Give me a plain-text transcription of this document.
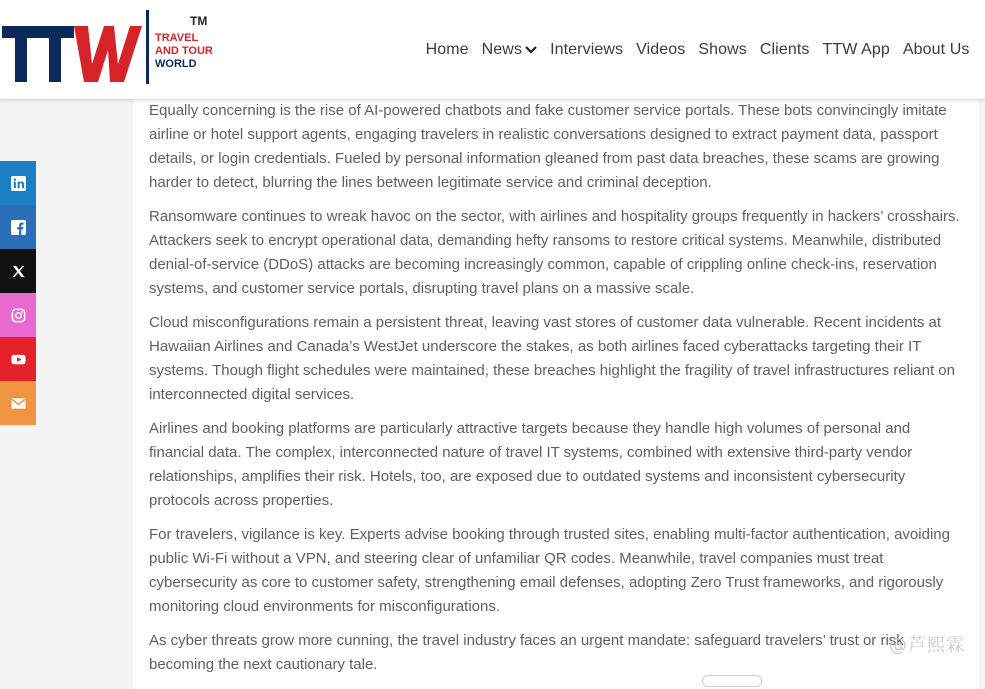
TM
TRAVEL
AND TOUR
WORLD
Home News	Interviews Videos Shows Clients TTW App About Us

Equally concerning is the rise of AI-powered chatbots and fake customer service portals. These bots convincingly imitate airline or hotel support agents, engaging travelers in realistic conversations designed to extract payment data, passport details, or login credentials. Fueled by personal information gleaned from past data breaches, these scams are growing harder to detect, blurring the lines between legitimate service and criminal deception.

Ransomware continues to wreak havoc on the sector, with airlines and hospitality groups frequently in hackers’ crosshairs. Attackers seek to encrypt operational data, demanding hefty ransoms to restore critical systems. Meanwhile, distributed denial-of-service (DDoS) attacks are becoming increasingly common, capable of crippling online check-ins, reservation systems, and customer service portals, disrupting travel plans on a massive scale.

Cloud misconfigurations remain a persistent threat, leaving vast stores of customer data vulnerable. Recent incidents at Hawaiian Airlines and Canada’s WestJet underscore the stakes, as both airlines faced cyberattacks targeting their IT systems. Though flight schedules were maintained, these breaches highlight the fragility of travel infrastructures reliant on interconnected digital services.

Airlines and booking platforms are particularly attractive targets because they handle high volumes of personal and financial data. The complex, interconnected nature of travel IT systems, combined with extensive third-party vendor relationships, amplifies their risk. Hotels, too, are exposed due to outdated systems and inconsistent cybersecurity protocols across properties.

For travelers, vigilance is key. Experts advise booking through trusted sites, enabling multi-factor authentication, avoiding public Wi-Fi without a VPN, and steering clear of unfamiliar QR codes. Meanwhile, travel companies must treat cybersecurity as core to customer safety, strengthening email defenses, adopting Zero Trust frameworks, and rigorously monitoring cloud environments for misconfigurations.

As cyber threats grow more cunning, the travel industry faces an urgent mandate: safeguard travelers’ trust or risk becoming the next cautionary tale.

@芦熙霖
